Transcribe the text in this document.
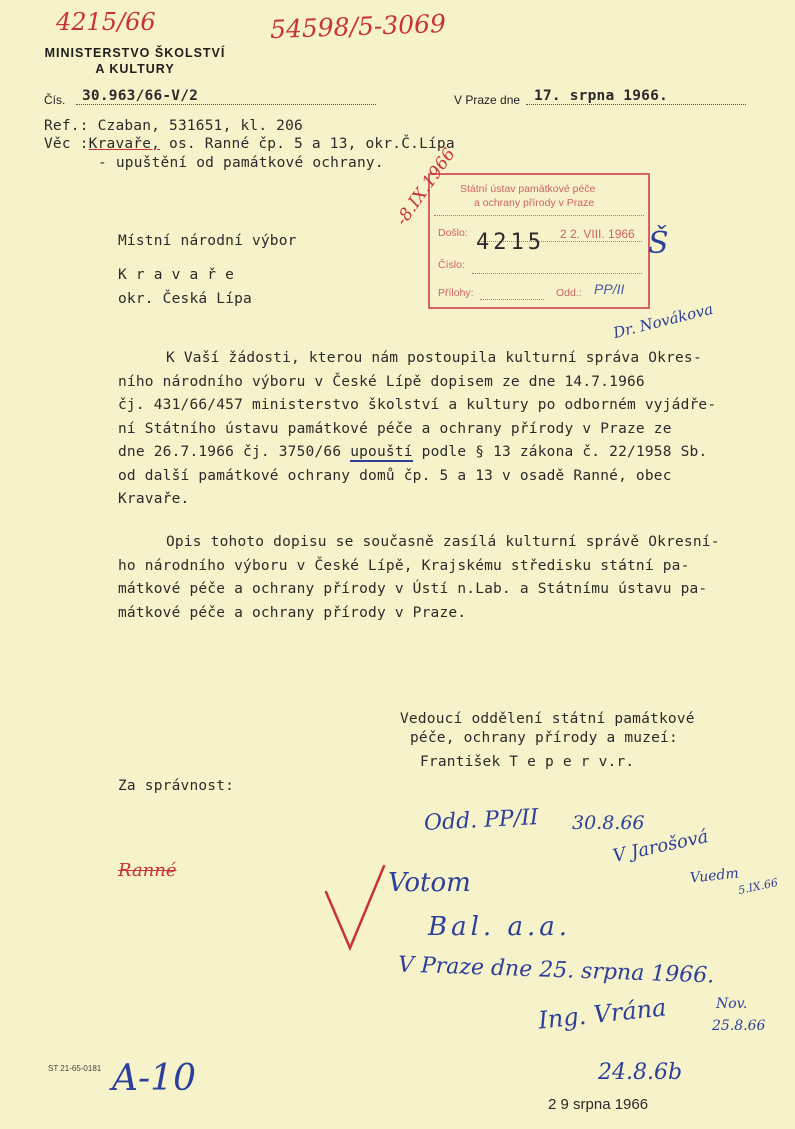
4215/66	54598/5-3069
MINISTERSTVO ŠKOLSTVÍ
A KULTURY
Čís.	30.963/66-V/2	V Praze dne 17. srpna 1966.
Ref.: Czaban, 531651, kl. 206
Věc :Kravaře, os. Ranné čp. 5 a 13, okr.Č.Lípa
- upuštění od památkové ochrany.
Státní ústav památkové péče
a ochrany přírody v Praze
Došlo:	2 2. VIII. 1966
Číslo:
Přílohy:	Odd.: PP/II
4215
-8.IX.1966
Š
Dr. Novákova
Místní národní výbor
K r a v a ř e
okr. Česká Lípa
K Vaší žádosti, kterou nám postoupila kulturní správa Okres-
ního národního výboru v České Lípě dopisem ze dne 14.7.1966
čj. 431/66/457 ministerstvo školství a kultury po odborném vyjádře-
ní Státního ústavu památkové péče a ochrany přírody v Praze ze
dne 26.7.1966 čj. 3750/66 upouští podle § 13 zákona č. 22/1958 Sb.
od další památkové ochrany domů čp. 5 a 13 v osadě Ranné, obec
Kravaře.
Opis tohoto dopisu se současně zasílá kulturní správě Okresní-
ho národního výboru v České Lípě, Krajskému středisku státní pa-
mátkové péče a ochrany přírody v Ústí n.Lab. a Státnímu ústavu pa-
mátkové péče a ochrany přírody v Praze.
Vedoucí oddělení státní památkové
péče, ochrany přírody a muzeí:
František T e p e r v.r.
Za správnost:
Odd. PP/II 30.8.66
V Jarošová
Vuedm
5.IX.66
Ranné	Votom
Bal. a.a.
V Praze dne 25. srpna 1966.
Ing. Vrána	Nov.
25.8.66
ST 21-65-0181 A-10	24.8.6b
2 9 srpna 1966
